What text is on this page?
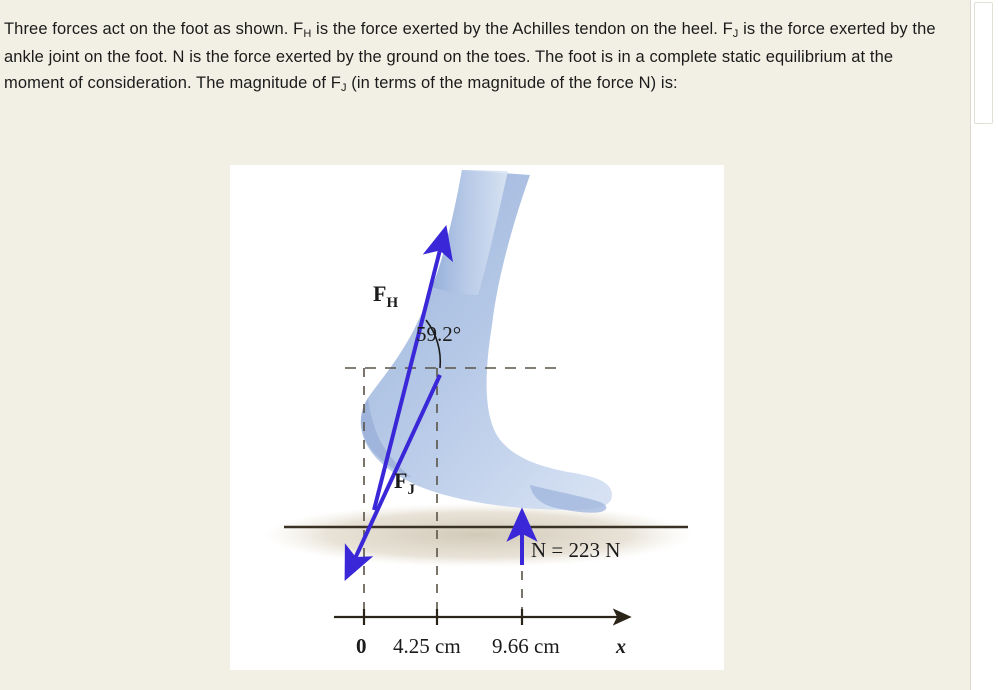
Three forces act on the foot as shown. $F_H$ is the force exerted by the Achilles tendon on the heel. $F_J$ is the force exerted by the ankle joint on the foot. N is the force exerted by the ground on the toes. The foot is in a complete static equilibrium at the moment of consideration. The magnitude of $F_J$ (in terms of the magnitude of the force N) is:
$F_H$
59.2°
$F_J$
N = 223 N
0 4.25 cm 9.66 cm	x
